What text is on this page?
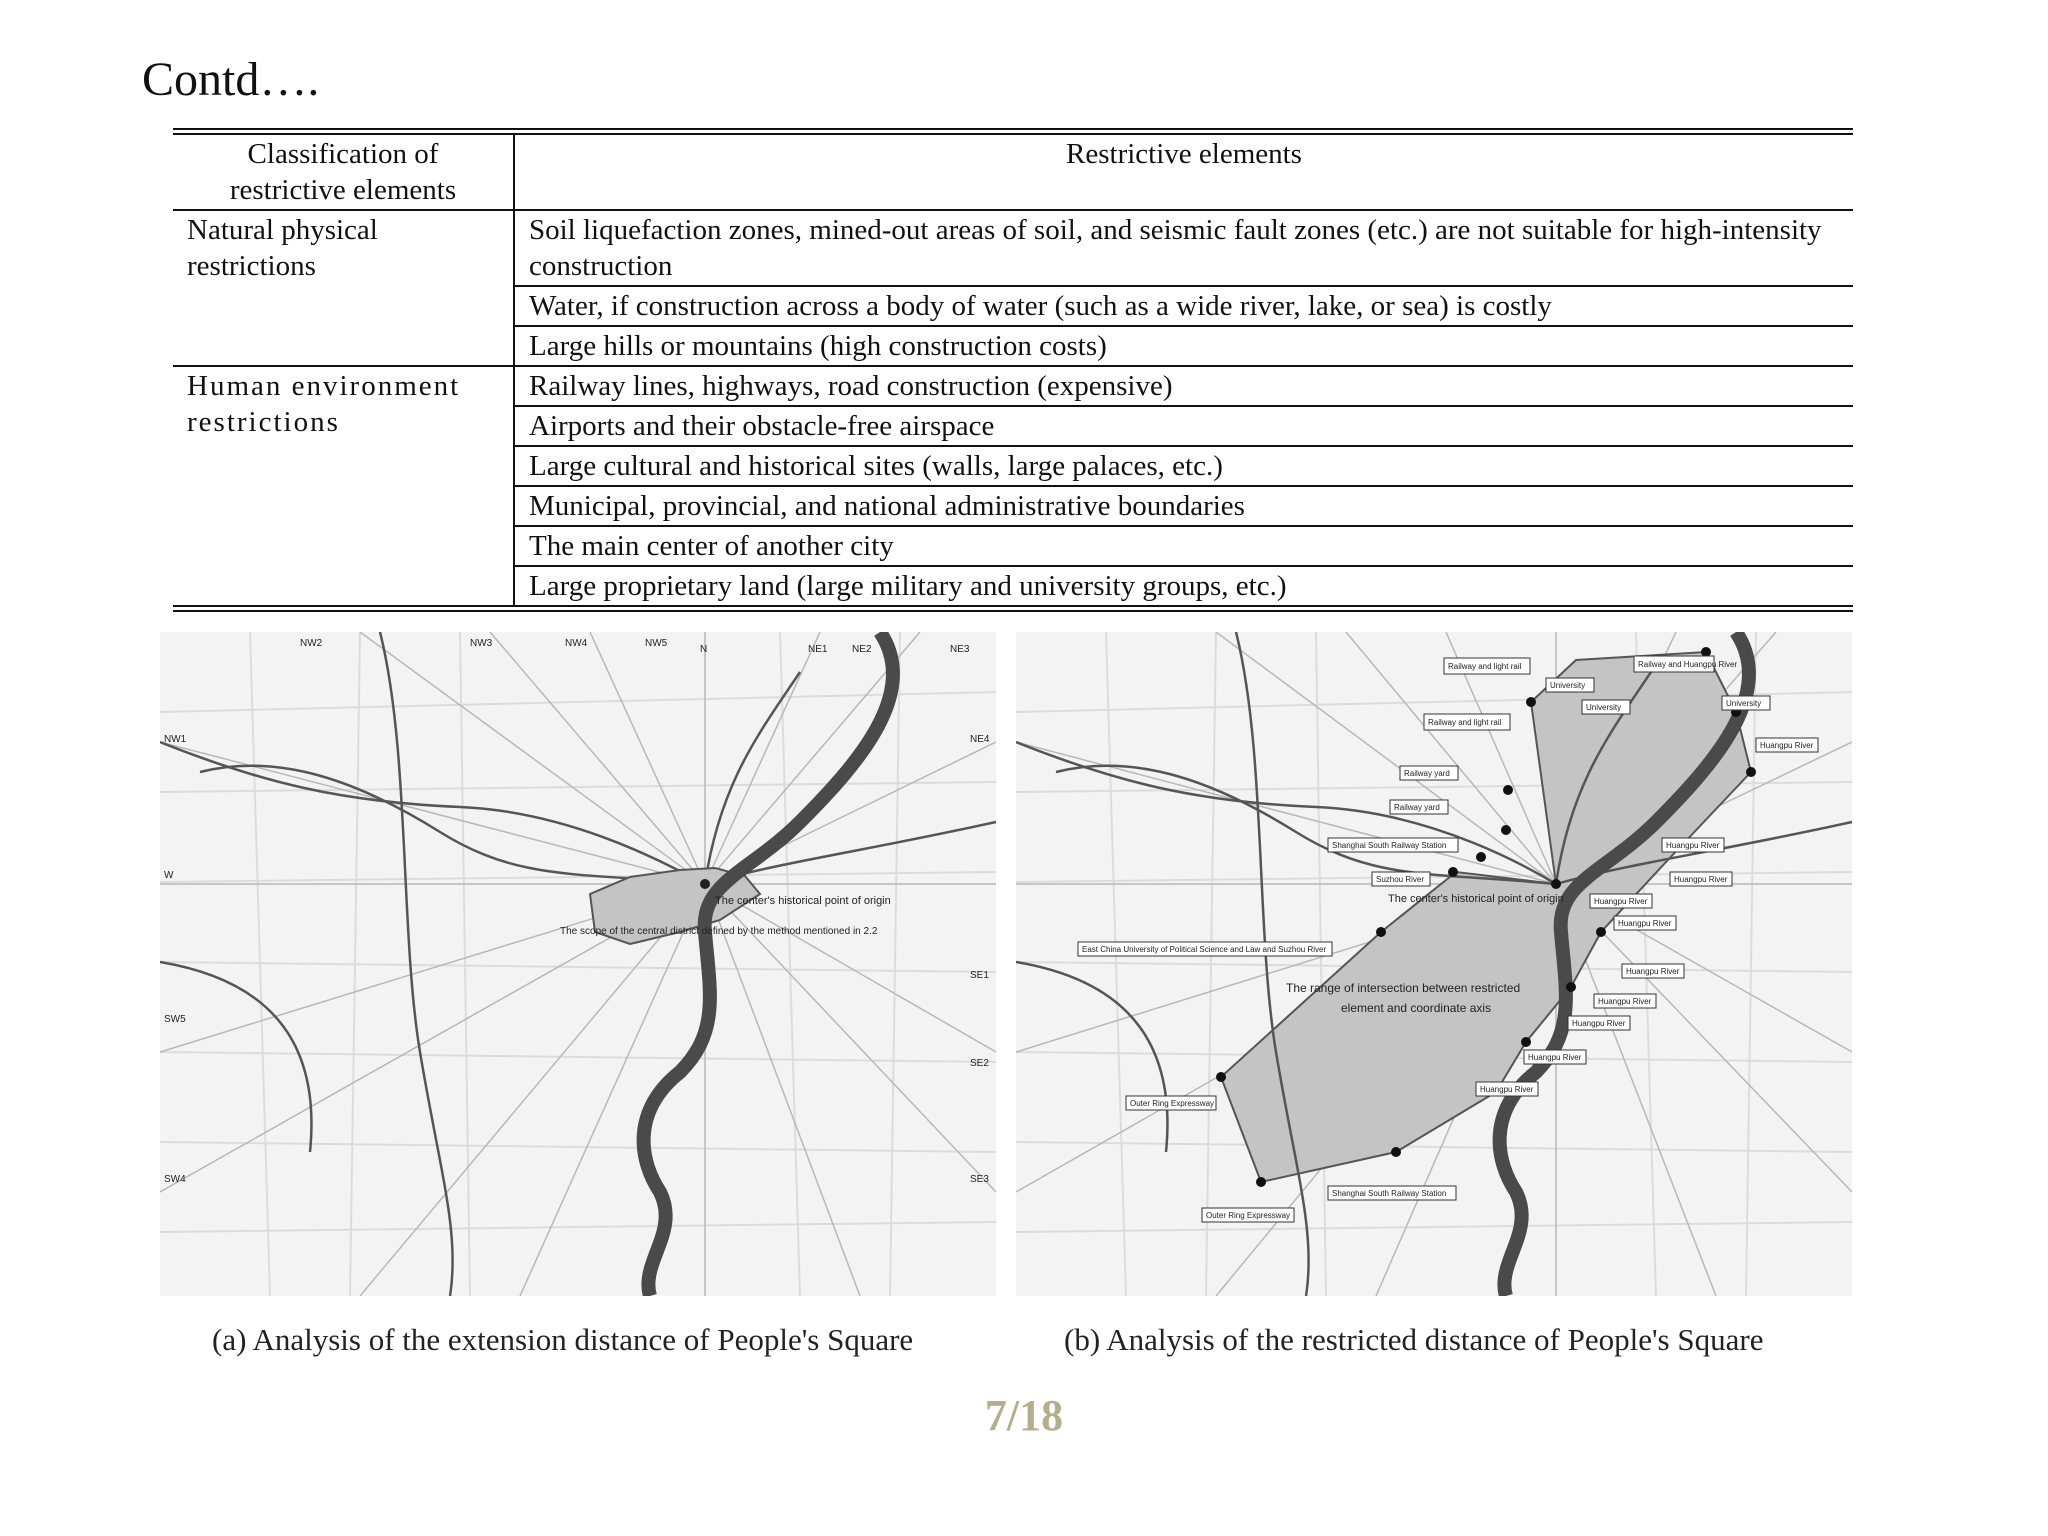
Contd….
Classification of restrictive elements	Restrictive elements
Natural physical restrictions	Soil liquefaction zones, mined-out areas of soil, and seismic fault zones (etc.) are not suitable for high-intensity construction
	Water, if construction across a body of water (such as a wide river, lake, or sea) is costly
	Large hills or mountains (high construction costs)
Human environment restrictions	Railway lines, highways, road construction (expensive)
	Airports and their obstacle-free airspace
	Large cultural and historical sites (walls, large palaces, etc.)
	Municipal, provincial, and national administrative boundaries
	The main center of another city
	Large proprietary land (large military and university groups, etc.)
The center's historical point of origin
The scope of the central district defined by the method mentioned in 2.2
N	NE1 NE2	NE3
NE4
SE1
SE2
SE3
SW5
SW4
NW1
W
NW2	NW3	NW4	NW5
Railway and light rail	Railway and Huangpu River
University
University	University
Railway and light rail
Huangpu River
Railway yard
Railway yard
Shanghai South Railway Station	Huangpu River
Huangpu River
Suzhou River
Huangpu River
Huangpu River
East China University of Political Science and Law and Suzhou River
Huangpu River
Huangpu River
Huangpu River
Huangpu River
Huangpu River
Outer Ring Expressway
Shanghai South Railway Station
Outer Ring Expressway
The center's historical point of origin
The range of intersection between restricted
element and coordinate axis
(a) Analysis of the extension distance of People's Square	(b) Analysis of the restricted distance of People's Square
7/18
